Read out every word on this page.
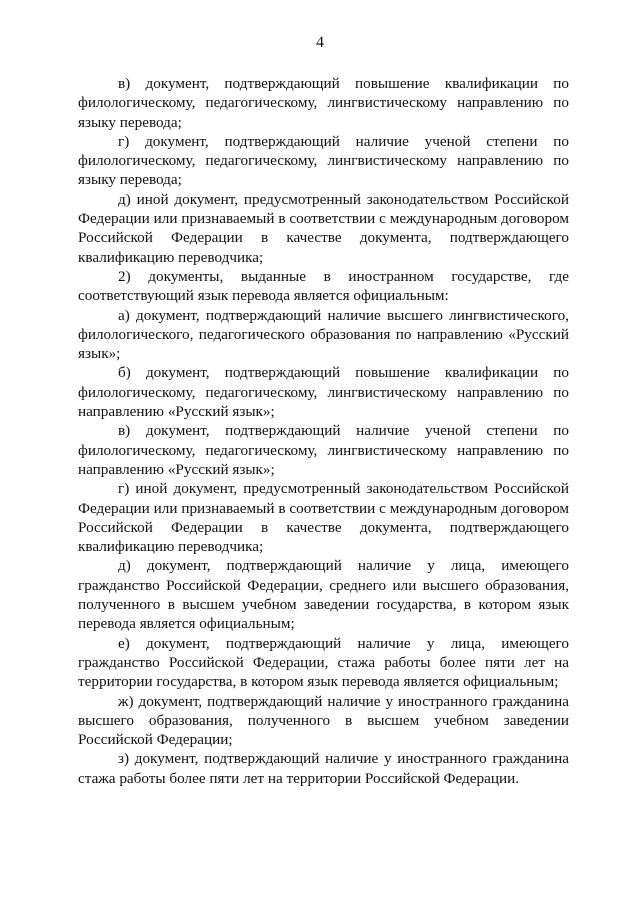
4

в) документ, подтверждающий повышение квалификации по филологическому, педагогическому, лингвистическому направлению по языку перевода;

г) документ, подтверждающий наличие ученой степени по филологическому, педагогическому, лингвистическому направлению по языку перевода;

д) иной документ, предусмотренный законодательством Российской Федерации или признаваемый в соответствии с международным договором Российской Федерации в качестве документа, подтверждающего квалификацию переводчика;

2) документы, выданные в иностранном государстве, где соответствующий язык перевода является официальным:

а) документ, подтверждающий наличие высшего лингвистического, филологического, педагогического образования по направлению «Русский язык»;

б) документ, подтверждающий повышение квалификации по филологическому, педагогическому, лингвистическому направлению по направлению «Русский язык»;

в) документ, подтверждающий наличие ученой степени по филологическому, педагогическому, лингвистическому направлению по направлению «Русский язык»;

г) иной документ, предусмотренный законодательством Российской Федерации или признаваемый в соответствии с международным договором Российской Федерации в качестве документа, подтверждающего квалификацию переводчика;

д) документ, подтверждающий наличие у лица, имеющего гражданство Российской Федерации, среднего или высшего образования, полученного в высшем учебном заведении государства, в котором язык перевода является официальным;

е) документ, подтверждающий наличие у лица, имеющего гражданство Российской Федерации, стажа работы более пяти лет на территории государства, в котором язык перевода является официальным;

ж) документ, подтверждающий наличие у иностранного гражданина высшего образования, полученного в высшем учебном заведении Российской Федерации;

з) документ, подтверждающий наличие у иностранного гражданина стажа работы более пяти лет на территории Российской Федерации.
